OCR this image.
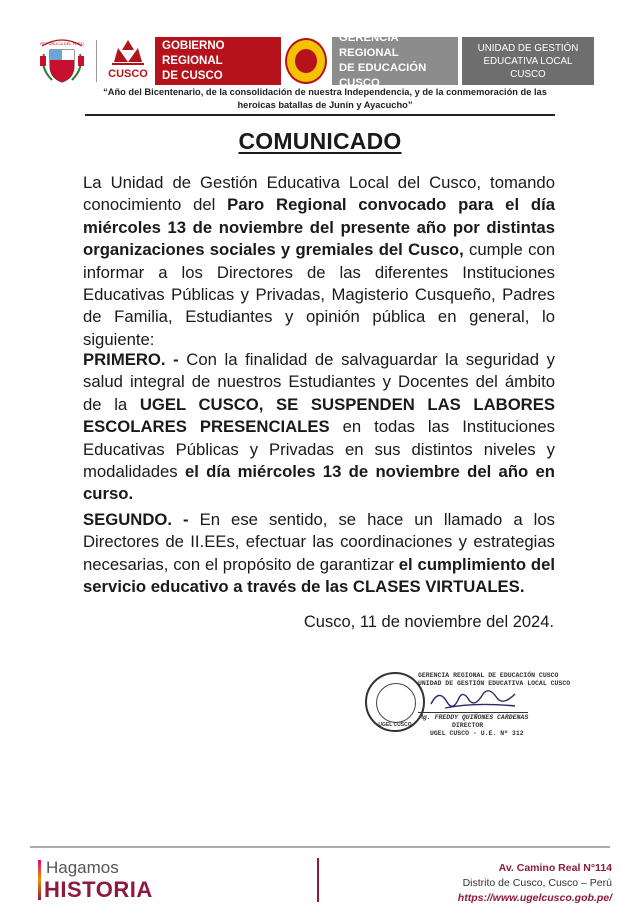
REPÚBLICA DEL PERÚ
CUSCO
GOBIERNO REGIONAL
DE CUSCO
GERENCIA REGIONAL
DE EDUCACIÓN CUSCO
UNIDAD DE GESTIÓN
EDUCATIVA LOCAL
CUSCO
“Año del Bicentenario, de la consolidación de nuestra Independencia, y de la conmemoración de las
heroicas batallas de Junín y Ayacucho”
COMUNICADO
La Unidad de Gestión Educativa Local del Cusco, tomando conocimiento del Paro Regional convocado para el día miércoles 13 de noviembre del presente año por distintas organizaciones sociales y gremiales del Cusco, cumple con informar a los Directores de las diferentes Instituciones Educativas Públicas y Privadas, Magisterio Cusqueño, Padres de Familia, Estudiantes y opinión pública en general, lo siguiente:
PRIMERO. - Con la finalidad de salvaguardar la seguridad y salud integral de nuestros Estudiantes y Docentes del ámbito de la UGEL CUSCO, SE SUSPENDEN LAS LABORES ESCOLARES PRESENCIALES en todas las Instituciones Educativas Públicas y Privadas en sus distintos niveles y modalidades el día miércoles 13 de noviembre del año en curso.
SEGUNDO. - En ese sentido, se hace un llamado a los Directores de II.EEs, efectuar las coordinaciones y estrategias necesarias, con el propósito de garantizar el cumplimiento del servicio educativo a través de las CLASES VIRTUALES.
Cusco, 11 de noviembre del 2024.
UGEL CUSCO
GERENCIA REGIONAL DE EDUCACIÓN CUSCO
UNIDAD DE GESTIÓN EDUCATIVA LOCAL CUSCO
Mg. FREDDY QUIÑONES CARDENAS
DIRECTOR
UGEL CUSCO - U.E. Nº 312
Hagamos
HISTORIA
Av. Camino Real N°114
Distrito de Cusco, Cusco – Perú
https://www.ugelcusco.gob.pe/
